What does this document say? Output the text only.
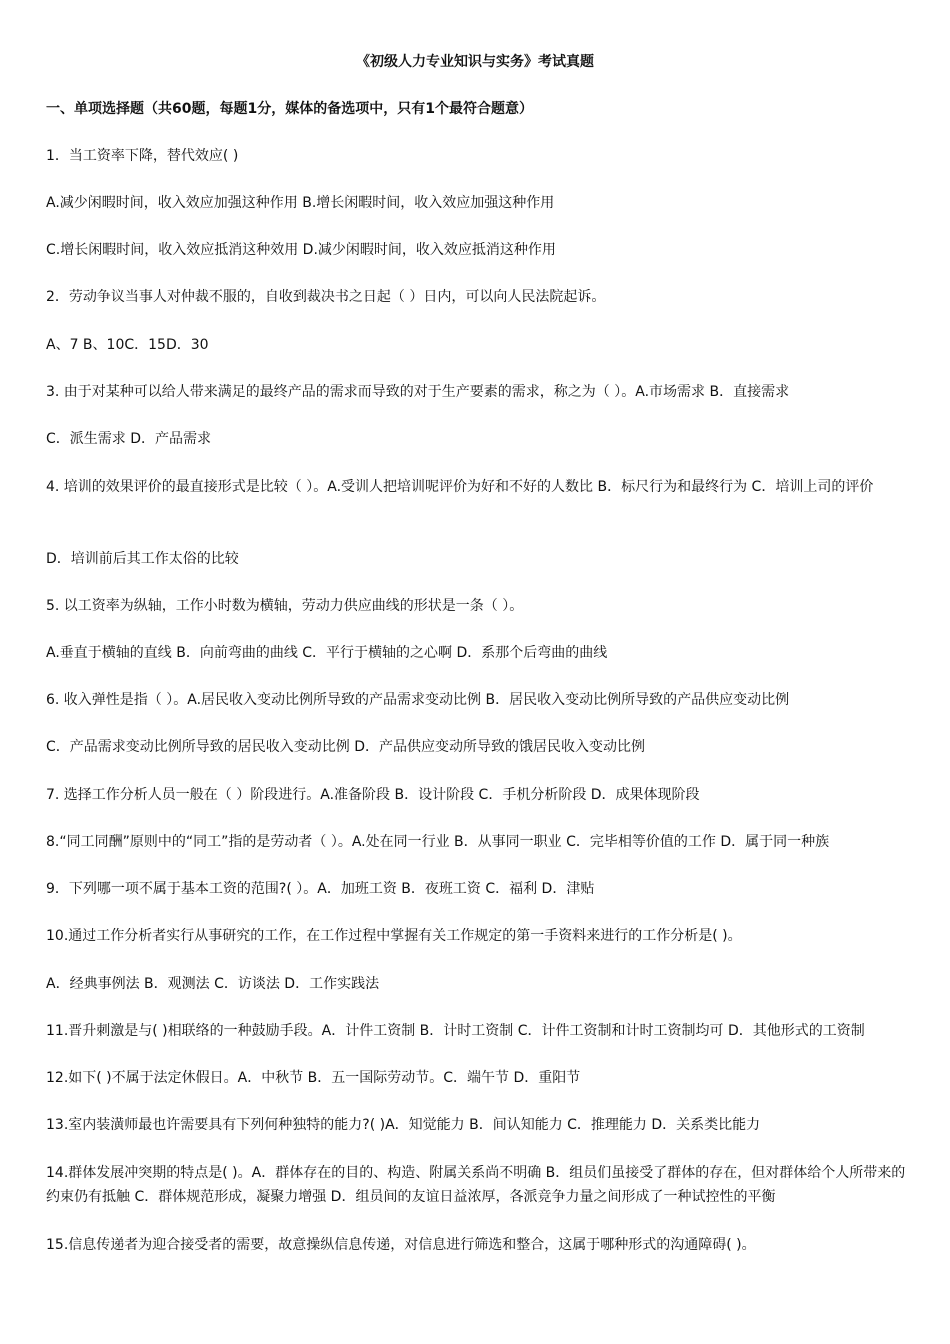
《初级人力专业知识与实务》考试真题
一、单项选择题（共60题，每题1分，媒体的备选项中，只有1个最符合题意）
1．当工资率下降，替代效应( )
A.减少闲暇时间，收入效应加强这种作用 B.增长闲暇时间，收入效应加强这种作用
C.增长闲暇时间，收入效应抵消这种效用 D.减少闲暇时间，收入效应抵消这种作用
2．劳动争议当事人对仲裁不服的，自收到裁决书之日起（ ）日内，可以向人民法院起诉。
A、7 B、10C．15D．30
3. 由于对某种可以给人带来满足的最终产品的需求而导致的对于生产要素的需求，称之为（ ）。A.市场需求 B．直接需求
C．派生需求 D．产品需求
4. 培训的效果评价的最直接形式是比较（ ）。A.受训人把培训呢评价为好和不好的人数比 B．标尺行为和最终行为 C．培训上司的评价
D．培训前后其工作太俗的比较
5. 以工资率为纵轴，工作小时数为横轴，劳动力供应曲线的形状是一条（ ）。
A.垂直于横轴的直线 B．向前弯曲的曲线 C．平行于横轴的之心啊 D．系那个后弯曲的曲线
6. 收入弹性是指（ ）。A.居民收入变动比例所导致的产品需求变动比例 B．居民收入变动比例所导致的产品供应变动比例
C．产品需求变动比例所导致的居民收入变动比例 D．产品供应变动所导致的饿居民收入变动比例
7. 选择工作分析人员一般在（ ）阶段进行。A.准备阶段 B．设计阶段 C．手机分析阶段 D．成果体现阶段
8.“同工同酬”原则中的“同工”指的是劳动者（ ）。A.处在同一行业 B．从事同一职业 C．完毕相等价值的工作 D．属于同一种族
9．下列哪一项不属于基本工资的范围?( ）。A．加班工资 B．夜班工资 C．福利 D．津贴
10.通过工作分析者实行从事研究的工作，在工作过程中掌握有关工作规定的第一手资料来进行的工作分析是( )。
A．经典事例法 B．观测法 C．访谈法 D．工作实践法
11.晋升刺激是与( )相联络的一种鼓励手段。A．计件工资制 B．计时工资制 C．计件工资制和计时工资制均可 D．其他形式的工资制
12.如下( )不属于法定休假日。A．中秋节 B．五一国际劳动节。C．端午节 D．重阳节
13.室内装潢师最也许需要具有下列何种独特的能力?( )A．知觉能力 B．间认知能力 C．推理能力 D．关系类比能力
14.群体发展冲突期的特点是( )。A．群体存在的目的、构造、附属关系尚不明确 B．组员们虽接受了群体的存在，但对群体给个人所带来的约束仍有抵触 C．群体规范形成，凝聚力增强 D．组员间的友谊日益浓厚，各派竞争力量之间形成了一种试控性的平衡
15.信息传递者为迎合接受者的需要，故意操纵信息传递，对信息进行筛选和整合，这属于哪种形式的沟通障碍( )。
